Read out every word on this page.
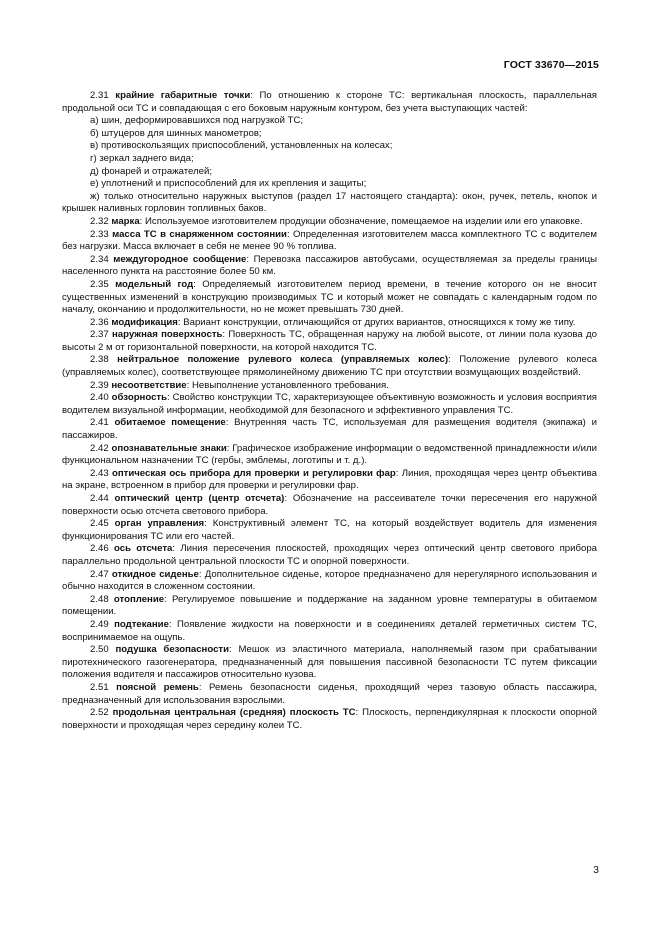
ГОСТ 33670—2015

2.31 крайние габаритные точки: По отношению к стороне ТС: вертикальная плоскость, параллельная продольной оси ТС и совпадающая с его боковым наружным контуром, без учета выступающих частей:

а) шин, деформировавшихся под нагрузкой ТС;

б) штуцеров для шинных манометров;

в) противоскользящих приспособлений, установленных на колесах;

г) зеркал заднего вида;

д) фонарей и отражателей;

е) уплотнений и приспособлений для их крепления и защиты;

ж) только относительно наружных выступов (раздел 17 настоящего стандарта): окон, ручек, петель, кнопок и крышек наливных горловин топливных баков.

2.32 марка: Используемое изготовителем продукции обозначение, помещаемое на изделии или его упаковке.

2.33 масса ТС в снаряженном состоянии: Определенная изготовителем масса комплектного ТС с водителем без нагрузки. Масса включает в себя не менее 90 % топлива.

2.34 междугородное сообщение: Перевозка пассажиров автобусами, осуществляемая за пределы границы населенного пункта на расстояние более 50 км.

2.35 модельный год: Определяемый изготовителем период времени, в течение которого он не вносит существенных изменений в конструкцию производимых ТС и который может не совпадать с календарным годом по началу, окончанию и продолжительности, но не может превышать 730 дней.

2.36 модификация: Вариант конструкции, отличающийся от других вариантов, относящихся к тому же типу.

2.37 наружная поверхность: Поверхность ТС, обращенная наружу на любой высоте, от линии пола кузова до высоты 2 м от горизонтальной поверхности, на которой находится ТС.

2.38 нейтральное положение рулевого колеса (управляемых колес): Положение рулевого колеса (управляемых колес), соответствующее прямолинейному движению ТС при отсутствии возмущающих воздействий.

2.39 несоответствие: Невыполнение установленного требования.

2.40 обзорность: Свойство конструкции ТС, характеризующее объективную возможность и условия восприятия водителем визуальной информации, необходимой для безопасного и эффективного управления ТС.

2.41 обитаемое помещение: Внутренняя часть ТС, используемая для размещения водителя (экипажа) и пассажиров.

2.42 опознавательные знаки: Графическое изображение информации о ведомственной принадлежности и/или функциональном назначении ТС (гербы, эмблемы, логотипы и т. д.).

2.43 оптическая ось прибора для проверки и регулировки фар: Линия, проходящая через центр объектива на экране, встроенном в прибор для проверки и регулировки фар.

2.44 оптический центр (центр отсчета): Обозначение на рассеивателе точки пересечения его наружной поверхности осью отсчета светового прибора.

2.45 орган управления: Конструктивный элемент ТС, на который воздействует водитель для изменения функционирования ТС или его частей.

2.46 ось отсчета: Линия пересечения плоскостей, проходящих через оптический центр светового прибора параллельно продольной центральной плоскости ТС и опорной поверхности.

2.47 откидное сиденье: Дополнительное сиденье, которое предназначено для нерегулярного использования и обычно находится в сложенном состоянии.

2.48 отопление: Регулируемое повышение и поддержание на заданном уровне температуры в обитаемом помещении.

2.49 подтекание: Появление жидкости на поверхности и в соединениях деталей герметичных систем ТС, воспринимаемое на ощупь.

2.50 подушка безопасности: Мешок из эластичного материала, наполняемый газом при срабатывании пиротехнического газогенератора, предназначенный для повышения пассивной безопасности ТС путем фиксации положения водителя и пассажиров относительно кузова.

2.51 поясной ремень: Ремень безопасности сиденья, проходящий через тазовую область пассажира, предназначенный для использования взрослыми.

2.52 продольная центральная (средняя) плоскость ТС: Плоскость, перпендикулярная к плоскости опорной поверхности и проходящая через середину колеи ТС.

3
